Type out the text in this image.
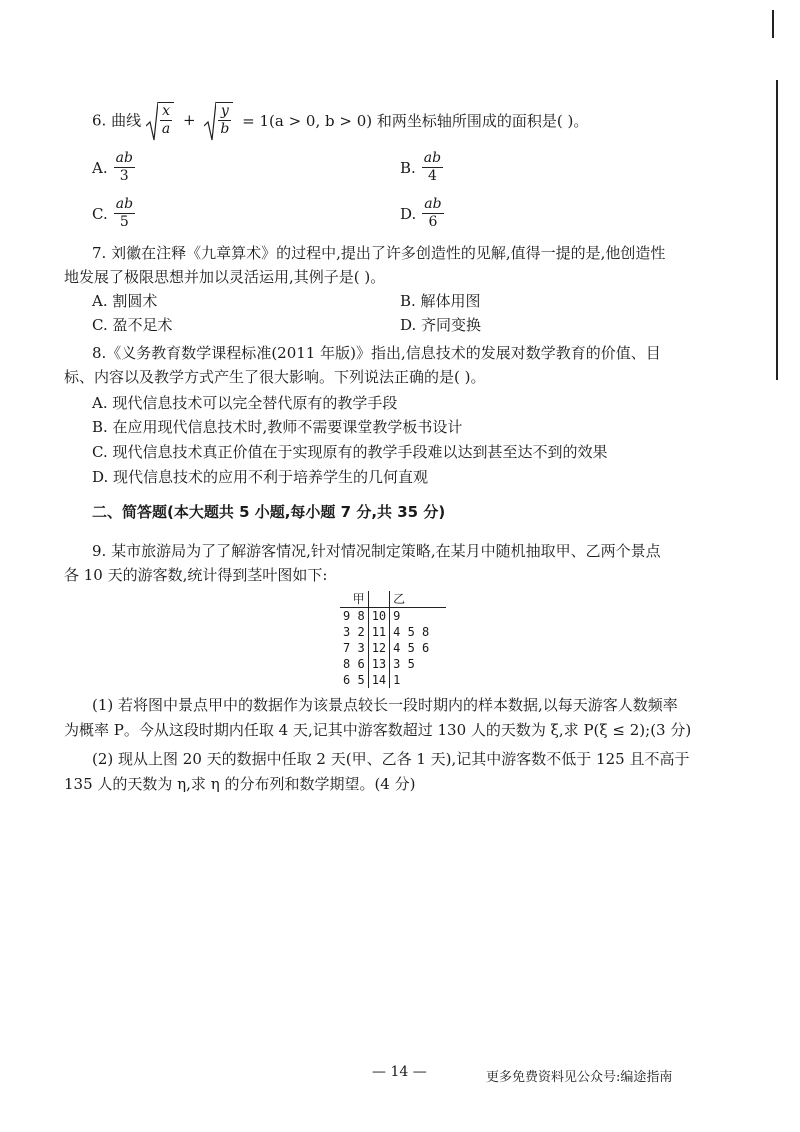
6. 曲线 $\frac{x}{a} + \frac{y}{b} = 1(a > 0$, b > 0) 和两坐标轴所围成的面积是( )。
A. $\frac{ab}{3}$	B. $\frac{ab}{4}$
C. $\frac{ab}{5}$	D. $\frac{ab}{6}$
7. 刘徽在注释《九章算术》的过程中,提出了许多创造性的见解,值得一提的是,他创造性
地发展了极限思想并加以灵活运用,其例子是( )。
A. 割圆术	B. 解体用图
C. 盈不足术	D. 齐同变换
8.《义务教育数学课程标准(2011 年版)》指出,信息技术的发展对数学教育的价值、目
标、内容以及教学方式产生了很大影响。下列说法正确的是( )。
A. 现代信息技术可以完全替代原有的教学手段
B. 在应用现代信息技术时,教师不需要课堂教学板书设计
C. 现代信息技术真正价值在于实现原有的教学手段难以达到甚至达不到的效果
D. 现代信息技术的应用不利于培养学生的几何直观
二、简答题(本大题共 5 小题,每小题 7 分,共 35 分)
9. 某市旅游局为了了解游客情况,针对情况制定策略,在某月中随机抽取甲、乙两个景点
各 10 天的游客数,统计得到茎叶图如下:
甲		乙
9 8	10	9
3 2	11	4 5 8
7 3	12	4 5 6
8 6	13	3 5
6 5	14	1
(1) 若将图中景点甲中的数据作为该景点较长一段时期内的样本数据,以每天游客人数频率
为概率 P。今从这段时期内任取 4 天,记其中游客数超过 130 人的天数为 ξ,求 P(ξ ≤ 2);(3 分)
(2) 现从上图 20 天的数据中任取 2 天(甲、乙各 1 天),记其中游客数不低于 125 且不高于
135 人的天数为 η,求 η 的分布列和数学期望。(4 分)
— 14 —	更多免费资料见公众号:编途指南
